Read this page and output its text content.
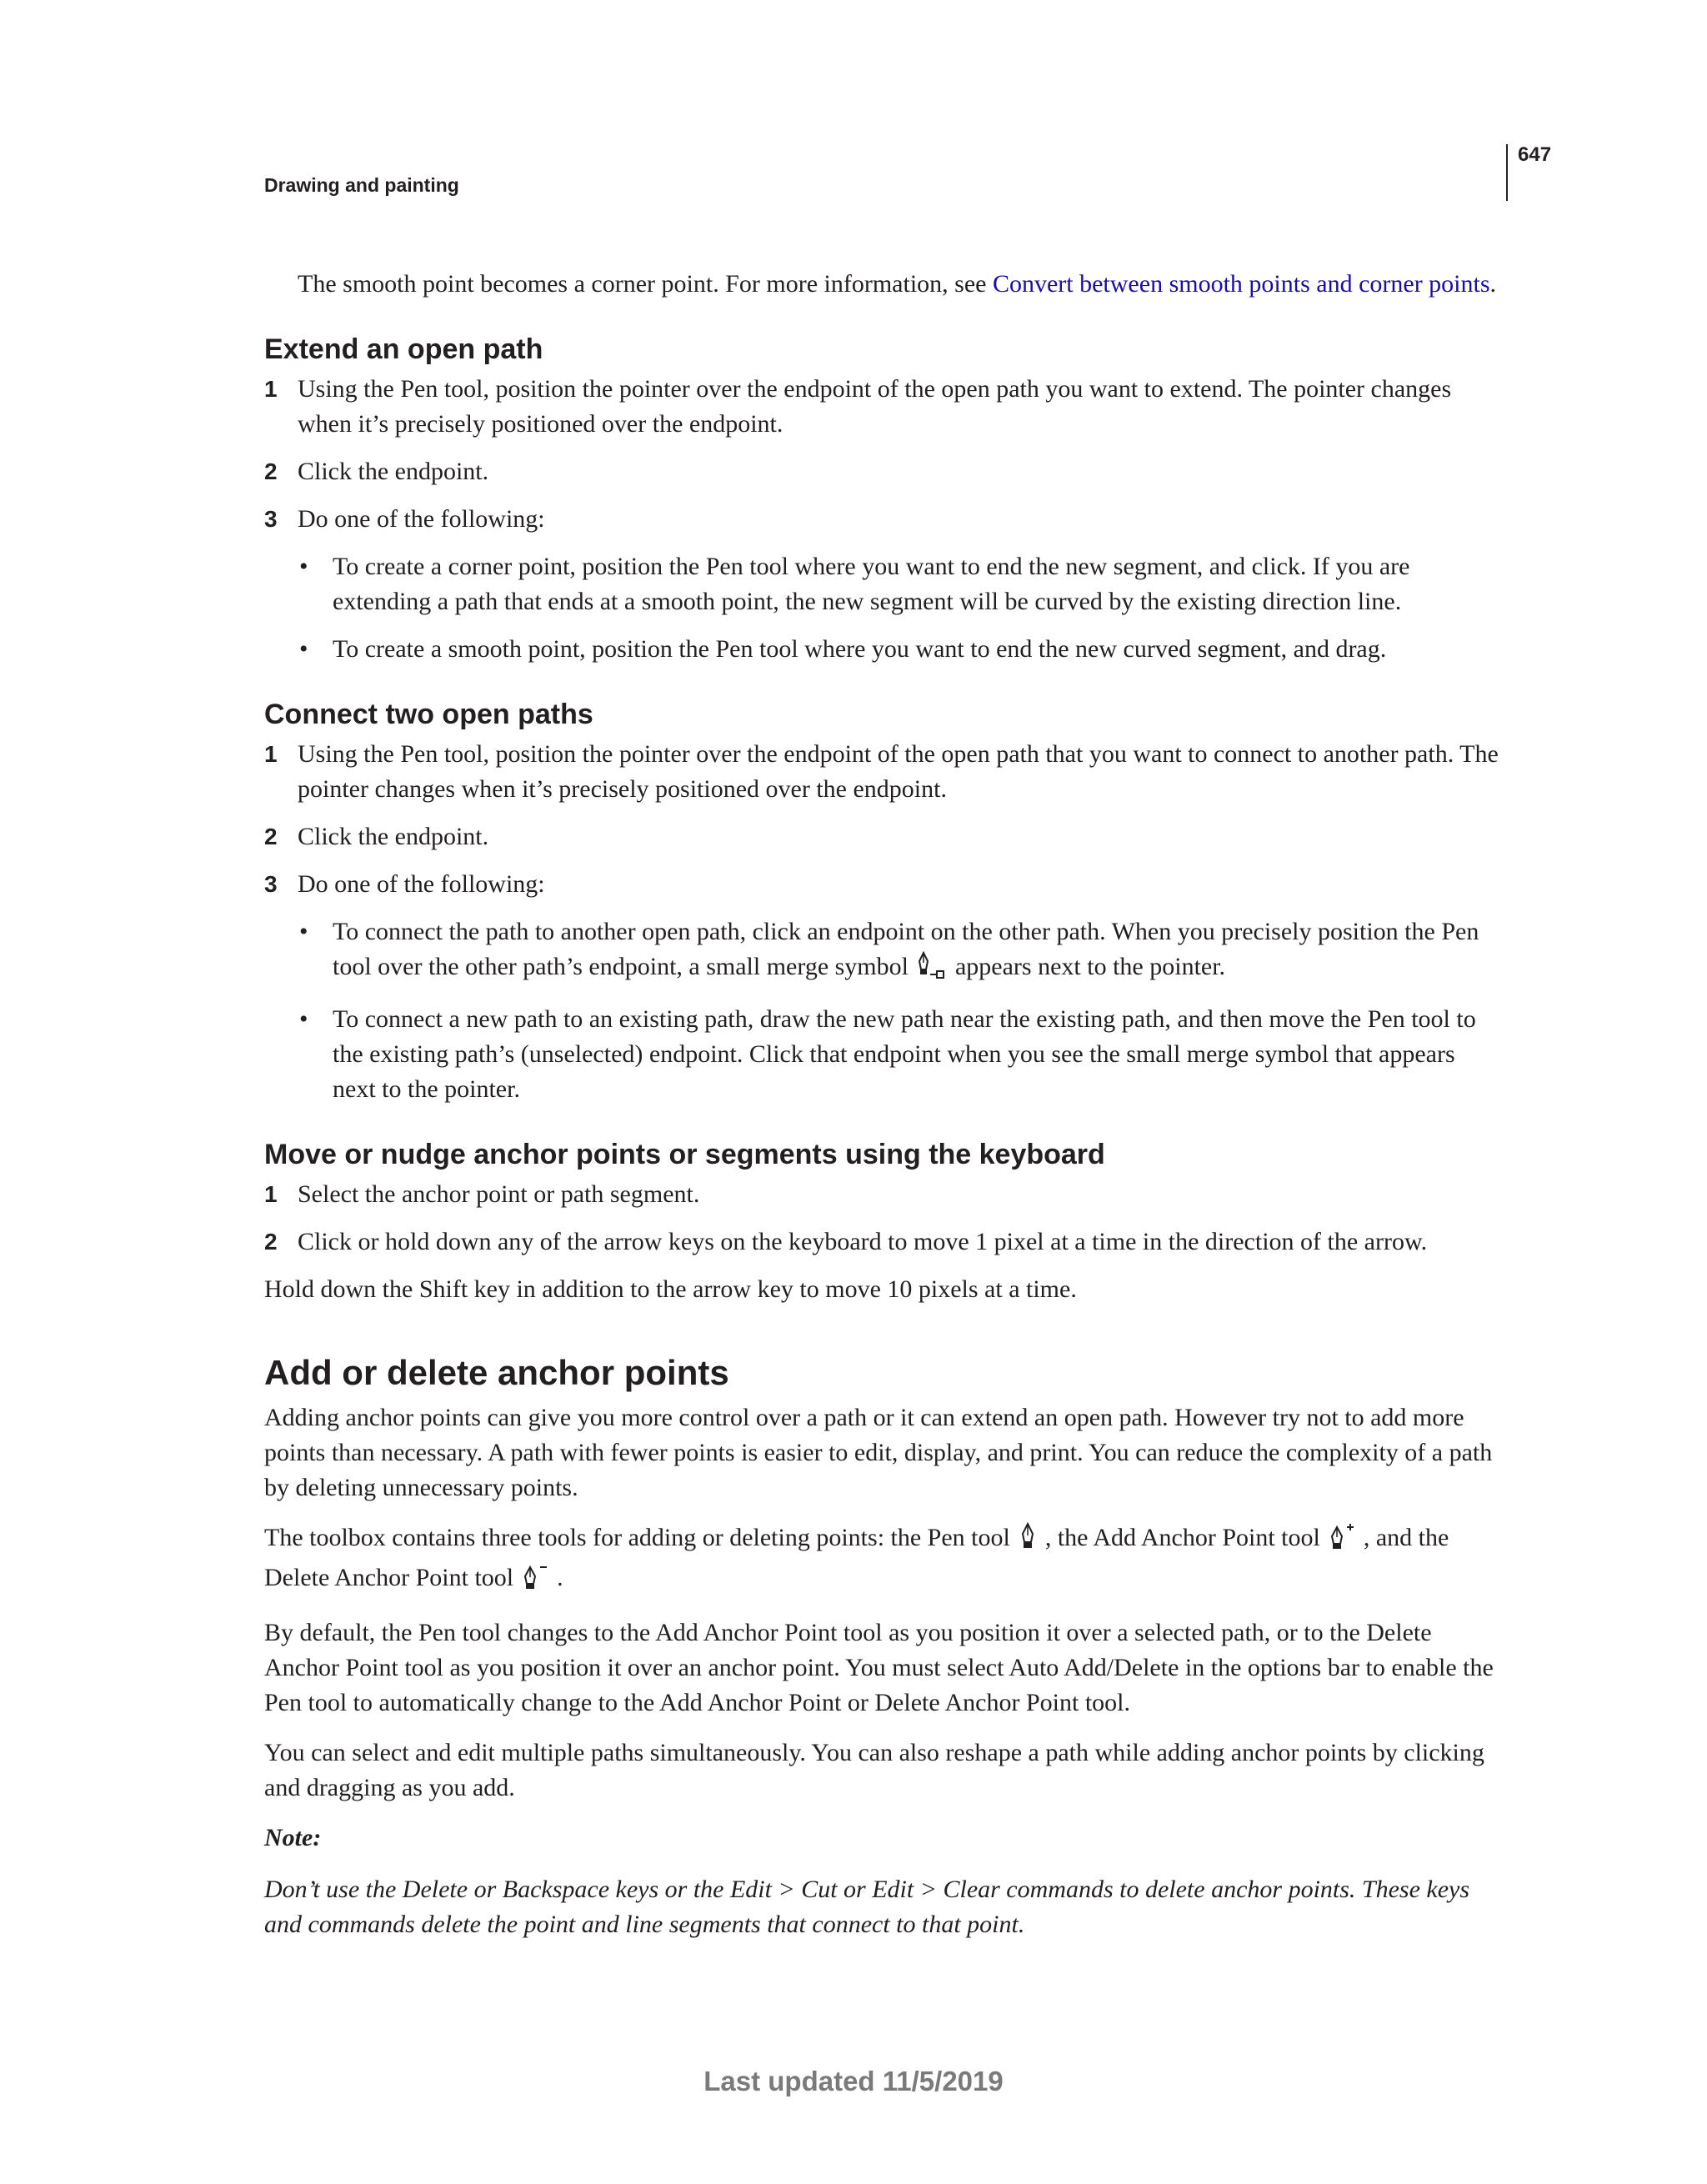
647
Drawing and painting

The smooth point becomes a corner point. For more information, see Convert between smooth points and corner points.

Extend an open path
1 Using the Pen tool, position the pointer over the endpoint of the open path you want to extend. The pointer changes when it’s precisely positioned over the endpoint.
2 Click the endpoint.
3 Do one of the following:
• To create a corner point, position the Pen tool where you want to end the new segment, and click. If you are extending a path that ends at a smooth point, the new segment will be curved by the existing direction line.
• To create a smooth point, position the Pen tool where you want to end the new curved segment, and drag.
Connect two open paths
1 Using the Pen tool, position the pointer over the endpoint of the open path that you want to connect to another path. The pointer changes when it’s precisely positioned over the endpoint.
2 Click the endpoint.
3 Do one of the following:
• To connect the path to another open path, click an endpoint on the other path. When you precisely position the Pen tool over the other path’s endpoint, a small merge symbol appears next to the pointer.
• To connect a new path to an existing path, draw the new path near the existing path, and then move the Pen tool to the existing path’s (unselected) endpoint. Click that endpoint when you see the small merge symbol that appears next to the pointer.
Move or nudge anchor points or segments using the keyboard
1 Select the anchor point or path segment.
2 Click or hold down any of the arrow keys on the keyboard to move 1 pixel at a time in the direction of the arrow.

Hold down the Shift key in addition to the arrow key to move 10 pixels at a time.

Add or delete anchor points

Adding anchor points can give you more control over a path or it can extend an open path. However try not to add more points than necessary. A path with fewer points is easier to edit, display, and print. You can reduce the complexity of a path by deleting unnecessary points.

The toolbox contains three tools for adding or deleting points: the Pen tool , the Add Anchor Point tool , and the Delete Anchor Point tool .

By default, the Pen tool changes to the Add Anchor Point tool as you position it over a selected path, or to the Delete Anchor Point tool as you position it over an anchor point. You must select Auto Add/Delete in the options bar to enable the Pen tool to automatically change to the Add Anchor Point or Delete Anchor Point tool.

You can select and edit multiple paths simultaneously. You can also reshape a path while adding anchor points by clicking and dragging as you add.

Note:

Don’t use the Delete or Backspace keys or the Edit > Cut or Edit > Clear commands to delete anchor points. These keys and commands delete the point and line segments that connect to that point.

Last updated 11/5/2019
